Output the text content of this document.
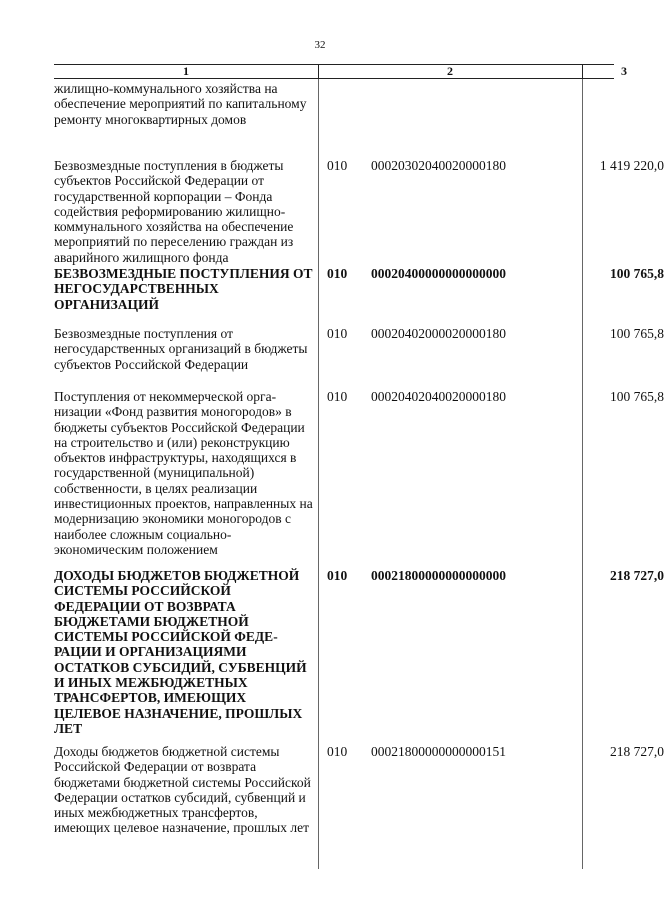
32
1	2	3
жилищно-коммунального хозяйства на обеспечение мероприятий по капитальному ремонту многоквартирных домов
Безвозмездные поступления в бюджеты субъектов Российской Федерации от государственной корпорации – Фонда содействия реформированию жилищно-коммунального хозяйства на обеспечение мероприятий по переселению граждан из аварийного жилищного фонда
010	00020302040020000180	1 419 220,0
БЕЗВОЗМЕЗДНЫЕ ПОСТУПЛЕНИЯ ОТ НЕГОСУДАРСТВЕННЫХ ОРГАНИЗАЦИЙ
010	00020400000000000000	100 765,8
Безвозмездные поступления от негосударственных организаций в бюджеты субъектов Российской Федерации
010	00020402000020000180	100 765,8
Поступления от некоммерческой организации «Фонд развития моногородов» в бюджеты субъектов Российской Федерации на строительство и (или) реконструкцию объектов инфраструктуры, находящихся в государственной (муниципальной) собственности, в целях реализации инвестиционных проектов, направленных на модернизацию экономики моногородов с наиболее сложным социально-экономическим положением
010	00020402040020000180	100 765,8
ДОХОДЫ БЮДЖЕТОВ БЮДЖЕТНОЙ СИСТЕМЫ РОССИЙСКОЙ ФЕДЕРАЦИИ ОТ ВОЗВРАТА БЮДЖЕТАМИ БЮДЖЕТНОЙ СИСТЕМЫ РОССИЙСКОЙ ФЕДЕРАЦИИ И ОРГАНИЗАЦИЯМИ ОСТАТКОВ СУБСИДИЙ, СУБВЕНЦИЙ И ИНЫХ МЕЖБЮДЖЕТНЫХ ТРАНСФЕРТОВ, ИМЕЮЩИХ ЦЕЛЕВОЕ НАЗНАЧЕНИЕ, ПРОШЛЫХ ЛЕТ
010	00021800000000000000	218 727,0
Доходы бюджетов бюджетной системы Российской Федерации от возврата бюджетами бюджетной системы Российской Федерации остатков субсидий, субвенций и иных межбюджетных трансфертов, имеющих целевое назначение, прошлых лет
010	00021800000000000151	218 727,0
